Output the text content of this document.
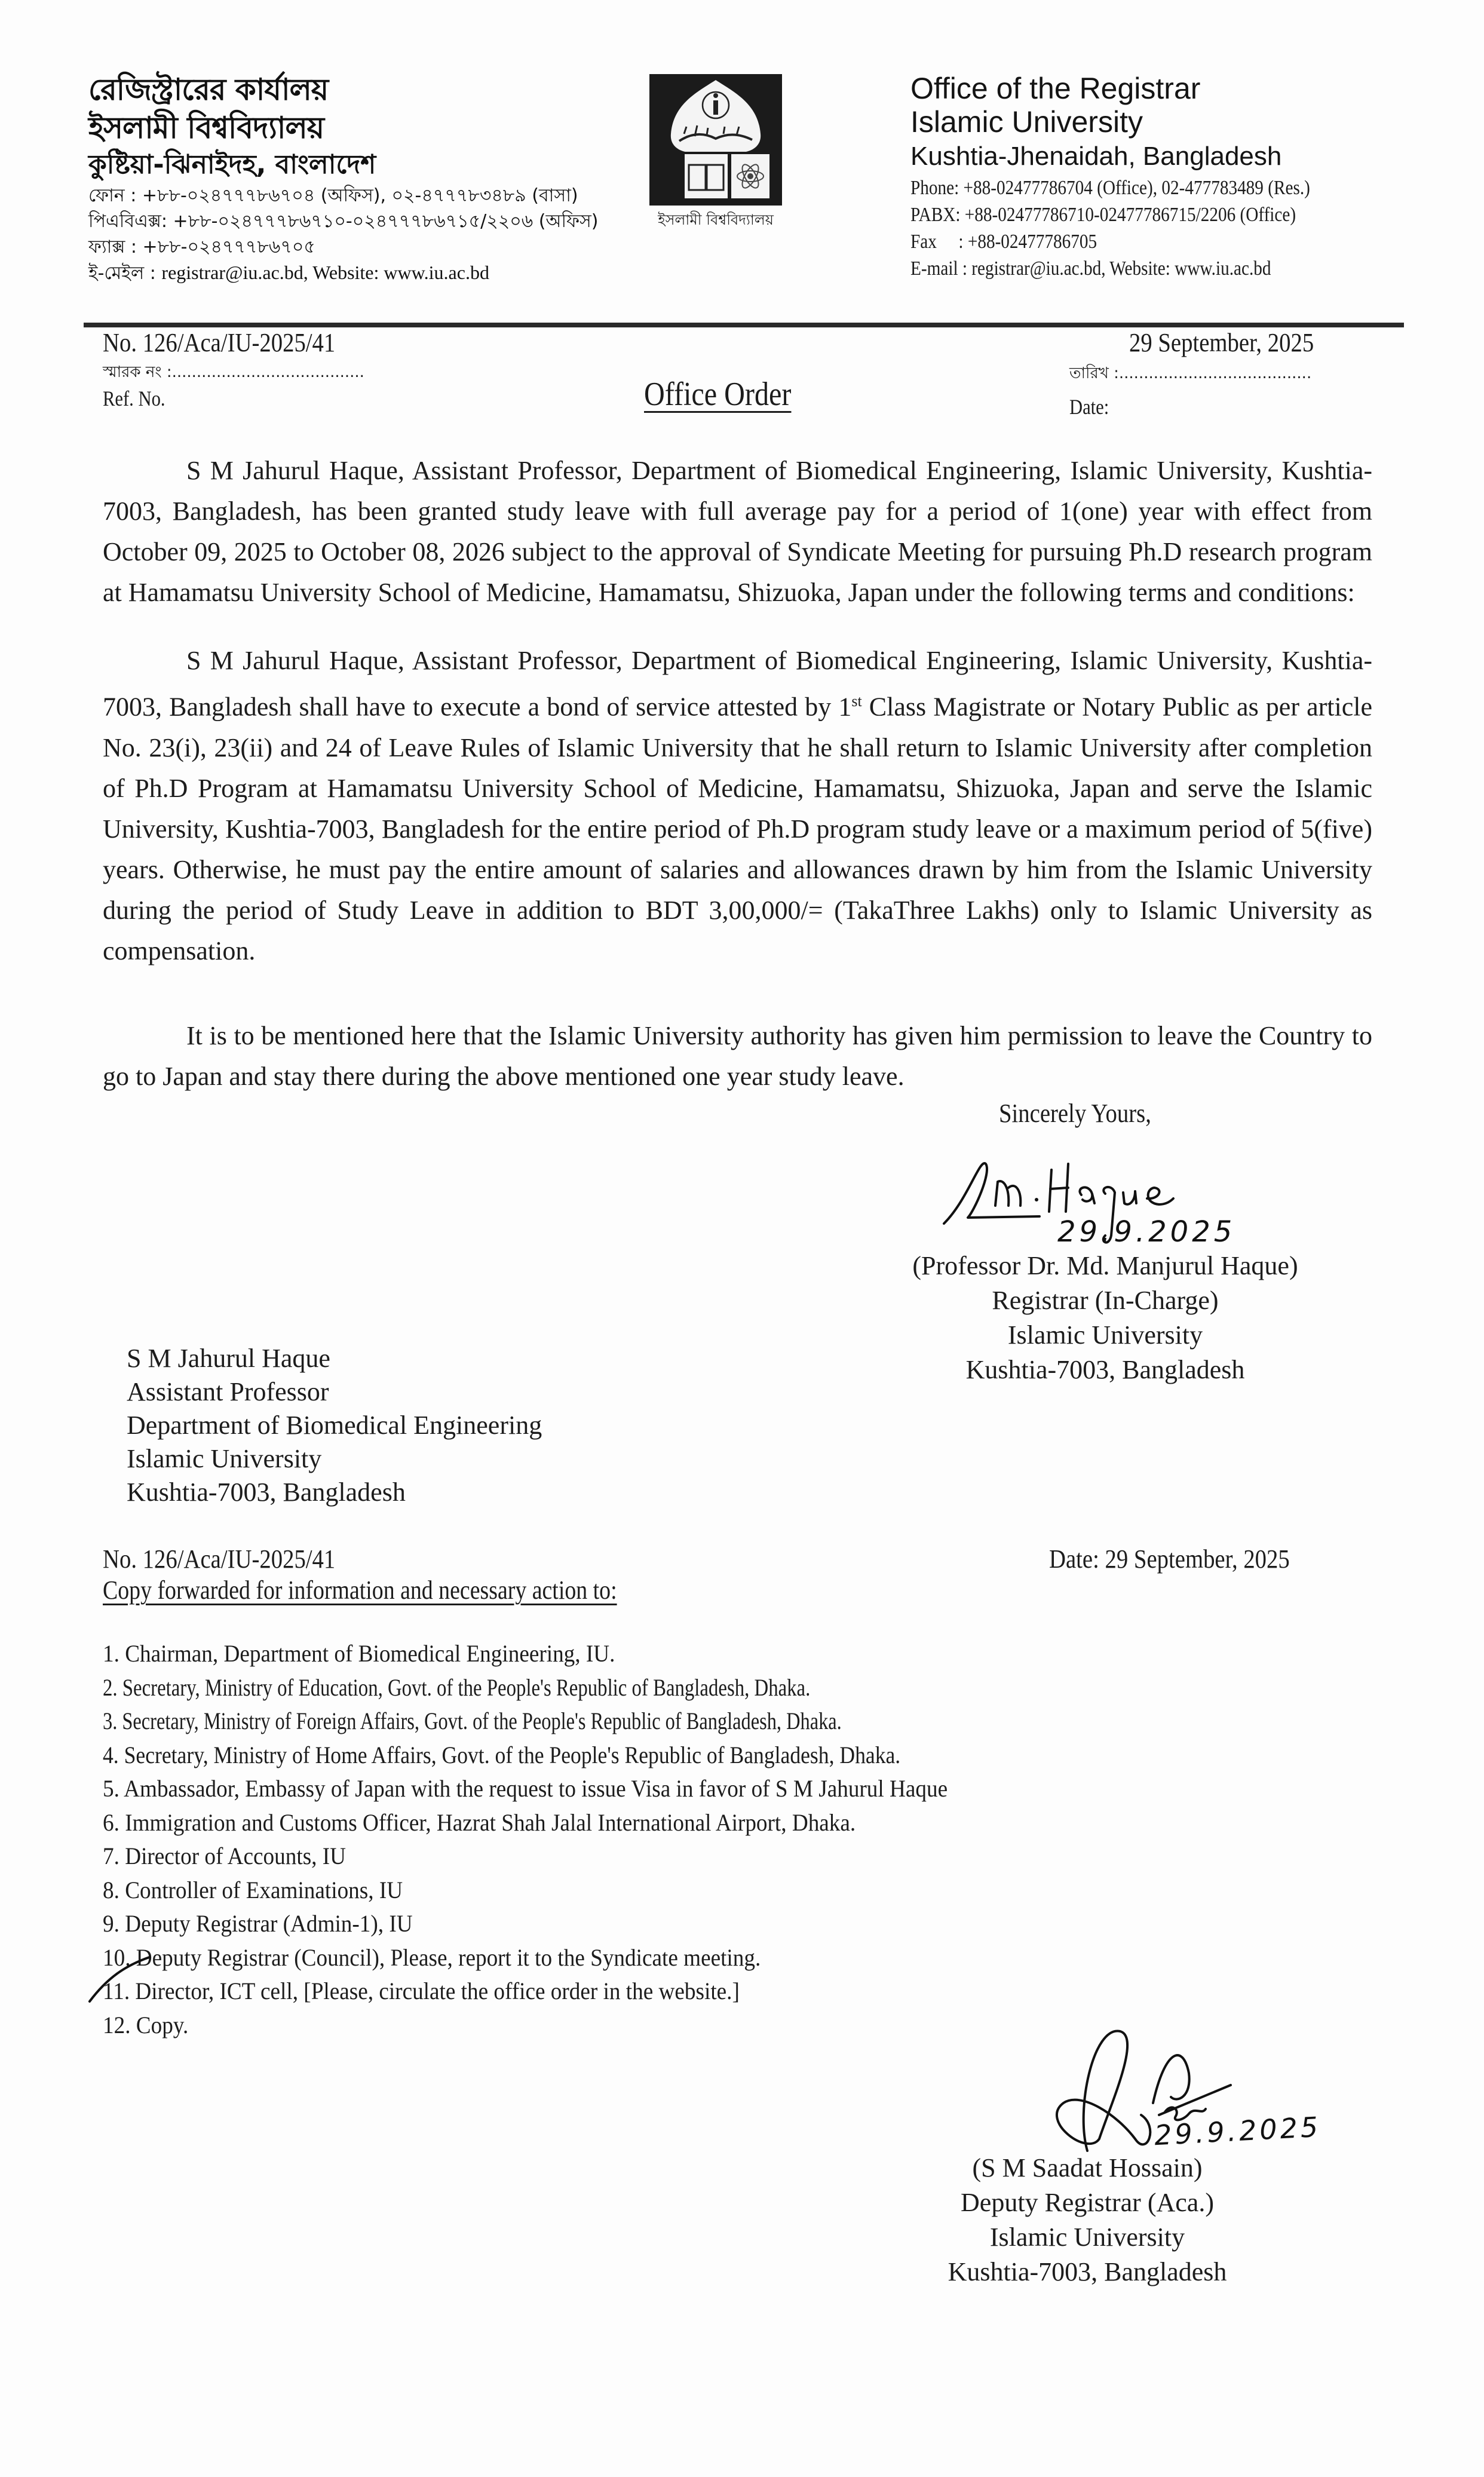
রেজিস্ট্রারের কার্যালয়
ইসলামী বিশ্ববিদ্যালয়
কুষ্টিয়া-ঝিনাইদহ, বাংলাদেশ
ফোন : +৮৮-০২৪৭৭৭৮৬৭০৪ (অফিস), ০২-৪৭৭৭৮৩৪৮৯ (বাসা)
পিএবিএক্স: +৮৮-০২৪৭৭৭৮৬৭১০-০২৪৭৭৭৮৬৭১৫/২২০৬ (অফিস)
ফ্যাক্স : +৮৮-০২৪৭৭৭৮৬৭০৫
ই-মেইল : registrar@iu.ac.bd, Website: www.iu.ac.bd
ইসলামী বিশ্ববিদ্যালয়
Office of the Registrar
Islamic University
Kushtia-Jhenaidah, Bangladesh
Phone: +88-02477786704 (Office), 02-477783489 (Res.)
PABX: +88-02477786710-02477786715/2206 (Office)
Fax     : +88-02477786705
E-mail : registrar@iu.ac.bd, Website: www.iu.ac.bd
No. 126/Aca/IU-2025/41
স্মারক নং :.......................................
Ref. No.	Office Order
29 September, 2025
তারিখ :.......................................
Date:
S M Jahurul Haque, Assistant Professor, Department of Biomedical Engineering, Islamic University, Kushtia-7003, Bangladesh, has been granted study leave with full average pay for a period of 1(one) year with effect from October 09, 2025 to October 08, 2026 subject to the approval of Syndicate Meeting for pursuing Ph.D research program at Hamamatsu University School of Medicine, Hamamatsu, Shizuoka, Japan under the following terms and conditions:
S M Jahurul Haque, Assistant Professor, Department of Biomedical Engineering, Islamic University, Kushtia-7003, Bangladesh shall have to execute a bond of service attested by 1st Class Magistrate or Notary Public as per article No. 23(i), 23(ii) and 24 of Leave Rules of Islamic University that he shall return to Islamic University after completion of Ph.D Program at Hamamatsu University School of Medicine, Hamamatsu, Shizuoka, Japan and serve the Islamic University, Kushtia-7003, Bangladesh for the entire period of Ph.D program study leave or a maximum period of 5(five) years. Otherwise, he must pay the entire amount of salaries and allowances drawn by him from the Islamic University during the period of Study Leave in addition to BDT 3,00,000/= (TakaThree Lakhs) only to Islamic University as compensation.
It is to be mentioned here that the Islamic University authority has given him permission to leave the Country to go to Japan and stay there during the above mentioned one year study leave.
Sincerely Yours,
29.9.2025
(Professor Dr. Md. Manjurul Haque)
Registrar (In-Charge)
Islamic University
Kushtia-7003, Bangladesh
S M Jahurul Haque
Assistant Professor
Department of Biomedical Engineering
Islamic University
Kushtia-7003, Bangladesh
No. 126/Aca/IU-2025/41	Date: 29 September, 2025
Copy forwarded for information and necessary action to:
1. Chairman, Department of Biomedical Engineering, IU.
2. Secretary, Ministry of Education, Govt. of the People's Republic of Bangladesh, Dhaka.
3. Secretary, Ministry of Foreign Affairs, Govt. of the People's Republic of Bangladesh, Dhaka.
4. Secretary, Ministry of Home Affairs, Govt. of the People's Republic of Bangladesh, Dhaka.
5. Ambassador, Embassy of Japan with the request to issue Visa in favor of S M Jahurul Haque
6. Immigration and Customs Officer, Hazrat Shah Jalal International Airport, Dhaka.
7. Director of Accounts, IU
8. Controller of Examinations, IU
9. Deputy Registrar (Admin-1), IU
10. Deputy Registrar (Council), Please, report it to the Syndicate meeting.
11. Director, ICT cell, [Please, circulate the office order in the website.]
12. Copy.
29.9.2025
(S M Saadat Hossain)
Deputy Registrar (Aca.)
Islamic University
Kushtia-7003, Bangladesh
